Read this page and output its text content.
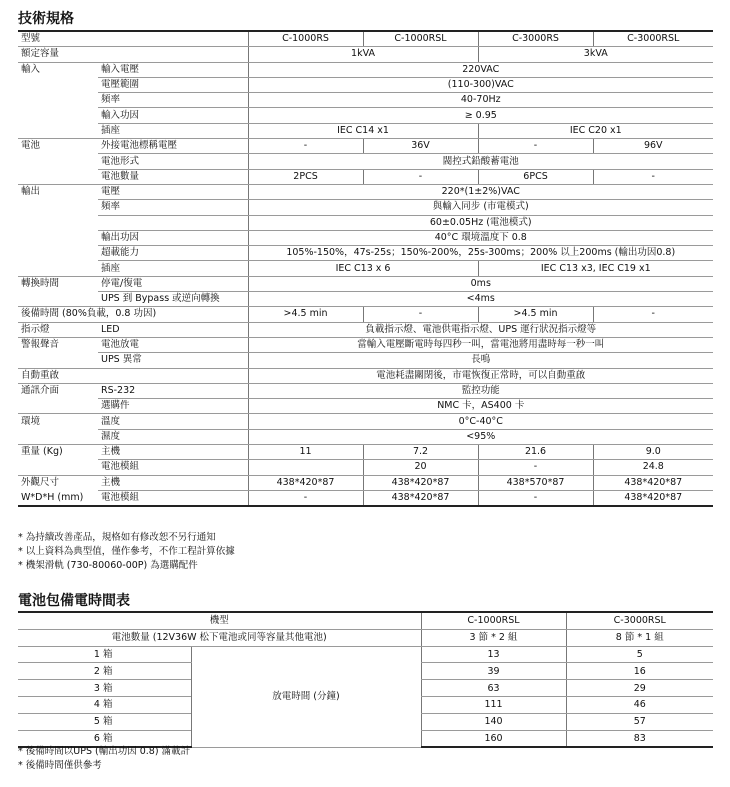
技術規格
型號		C-1000RS	C-1000RSL	C-3000RS	C-3000RSL
額定容量		1kVA		3kVA	
輸入	輸入電壓	220VAC			
	電壓範圍	(110-300)VAC			
	頻率	40-70Hz			
	輸入功因	≥ 0.95			
	插座	IEC C14 x1		IEC C20 x1	
電池	外接電池標稱電壓	-	36V	-	96V
	電池形式	閥控式鉛酸蓄電池			
	電池數量	2PCS	-	6PCS	-
輸出	電壓	220*(1±2%)VAC			
	頻率	與輸入同步 (市電模式)			
		60±0.05Hz (電池模式)			
	輸出功因	40°C 環境溫度下 0.8			
	超載能力	105%-150%，47s-25s；150%-200%，25s-300ms；200% 以上200ms (輸出功因0.8)			
	插座	IEC C13 x 6		IEC C13 x3, IEC C19 x1	
轉換時間	停電/復電	0ms			
	UPS 到 Bypass 或逆向轉換	<4ms			
後備時間 (80%負載，0.8 功因)		>4.5 min	-	>4.5 min	-
指示燈	LED	負載指示燈、電池供電指示燈、UPS 運行狀況指示燈等			
警報聲音	電池放電	當輸入電壓斷電時每四秒一叫，當電池將用盡時每一秒一叫			
	UPS 異常	長鳴			
自動重啟		電池耗盡關閉後，市電恢復正常時，可以自動重啟			
通訊介面	RS-232	監控功能			
	選購件	NMC 卡，AS400 卡			
環境	溫度	0°C-40°C			
	濕度	<95%			
重量 (Kg)	主機	11	7.2	21.6	9.0
	電池模組		20	-	24.8
外觀尺寸	主機	438*420*87	438*420*87	438*570*87	438*420*87
W*D*H (mm)	電池模組	-	438*420*87	-	438*420*87
* 為持續改善產品，規格如有修改恕不另行通知
* 以上資料為典型值，僅作參考，不作工程計算依據
* 機架滑軌 (730-80060-00P) 為選購配件
電池包備電時間表
機型		C-1000RSL	C-3000RSL
電池數量 (12V36W 松下電池或同等容量其他電池)		3 節 * 2 組	8 節 * 1 組
1 箱	放電時間 (分鐘)	13	5
2 箱		39	16
3 箱		63	29
4 箱		111	46
5 箱		140	57
6 箱		160	83
* 後備時間以UPS (輸出功因 0.8) 滿載計
* 後備時間僅供參考
